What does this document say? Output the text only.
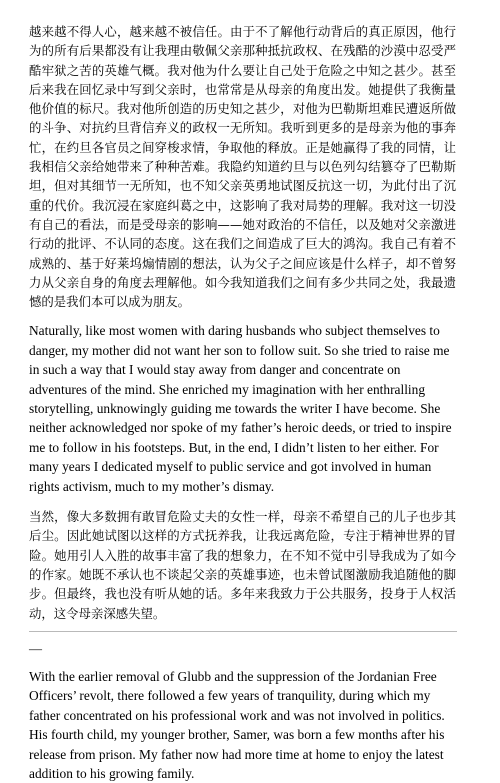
越来越不得人心，越来越不被信任。由于不了解他行动背后的真正原因，他行为的所有后果都没有让我理由敬佩父亲那种抵抗政权、在残酷的沙漠中忍受严酷牢狱之苦的英雄气概。我对他为什么要让自己处于危险之中知之甚少。甚至后来我在回忆录中写到父亲时，也常常是从母亲的角度出发。她提供了我衡量他价值的标尺。我对他所创造的历史知之甚少，对他为巴勒斯坦难民遭返所做的斗争、对抗约旦背信弃义的政权一无所知。我听到更多的是母亲为他的事奔忙，在约旦各官员之间穿梭求情，争取他的释放。正是她赢得了我的同情，让我相信父亲给她带来了种种苦难。我隐约知道约旦与以色列勾结篡夺了巴勒斯坦，但对其细节一无所知，也不知父亲英勇地试图反抗这一切，为此付出了沉重的代价。我沉浸在家庭纠葛之中，这影响了我对局势的理解。我对这一切没有自己的看法，而是受母亲的影响——她对政治的不信任，以及她对父亲激进行动的批评、不认同的态度。这在我们之间造成了巨大的鸿沟。我自己有着不成熟的、基于好莱坞煽情剧的想法，认为父子之间应该是什么样子，却不曾努力从父亲自身的角度去理解他。如今我知道我们之间有多少共同之处，我最遗憾的是我们本可以成为朋友。

Naturally, like most women with daring husbands who subject themselves to danger, my mother did not want her son to follow suit. So she tried to raise me in such a way that I would stay away from danger and concentrate on adventures of the mind. She enriched my imagination with her enthralling storytelling, unknowingly guiding me towards the writer I have become. She neither acknowledged nor spoke of my father’s heroic deeds, or tried to inspire me to follow in his footsteps. But, in the end, I didn’t listen to her either. For many years I dedicated myself to public service and got involved in human rights activism, much to my mother’s dismay.

当然，像大多数拥有敢冒危险丈夫的女性一样，母亲不希望自己的儿子也步其后尘。因此她试图以这样的方式抚养我，让我远离危险，专注于精神世界的冒险。她用引人入胜的故事丰富了我的想象力，在不知不觉中引导我成为了如今的作家。她既不承认也不谈起父亲的英雄事迹，也未曾试图激励我追随他的脚步。但最终，我也没有听从她的话。多年来我致力于公共服务，投身于人权活动，这令母亲深感失望。

—

With the earlier removal of Glubb and the suppression of the Jordanian Free Officers’ revolt, there followed a few years of tranquility, during which my father concentrated on his professional work and was not involved in politics. His fourth child, my younger brother, Samer, was born a few months after his release from prison. My father now had more time at home to enjoy the latest addition to his growing family.
